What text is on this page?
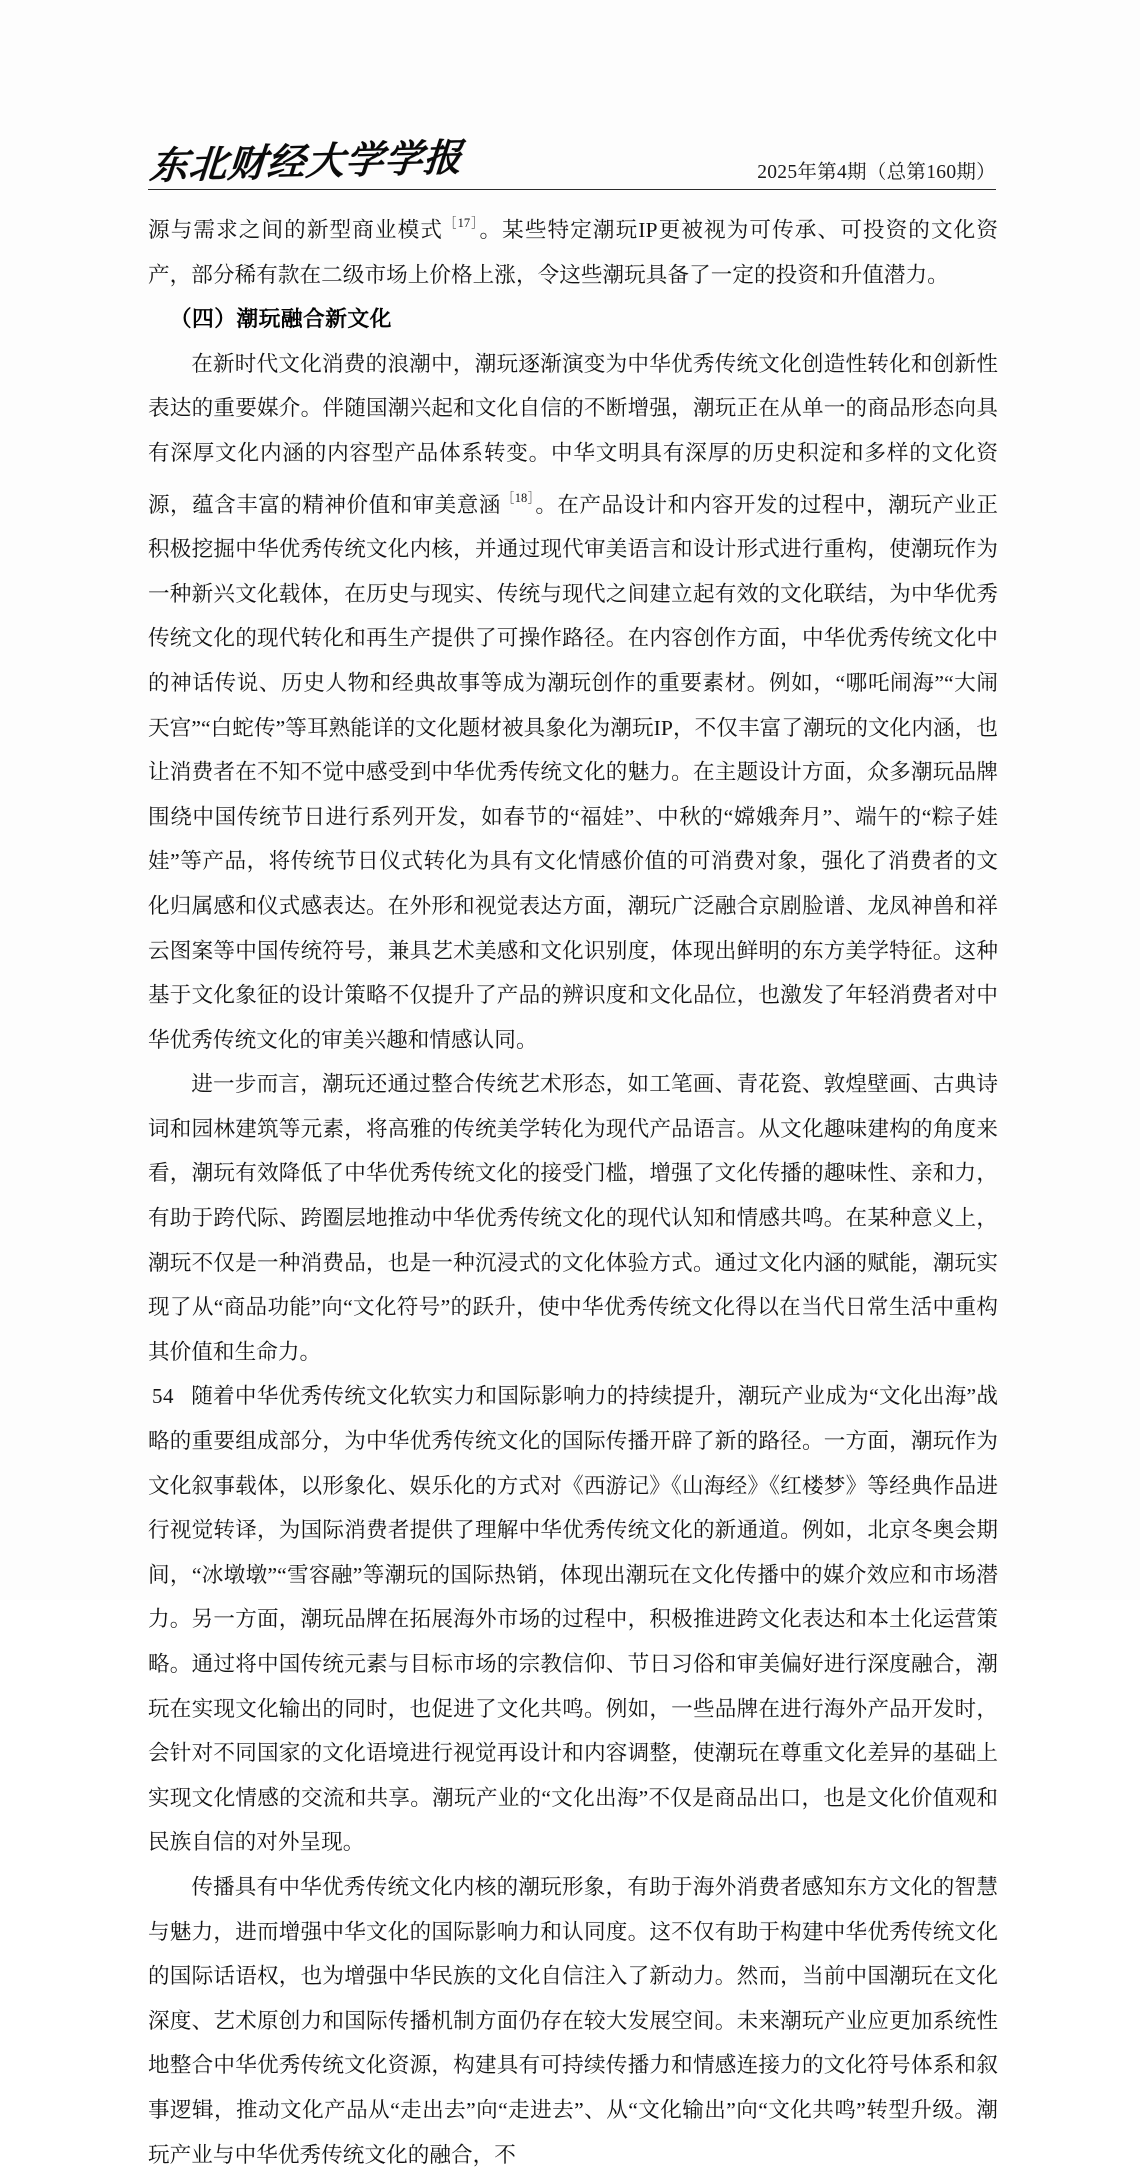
东北财经大学学报	2025年第4期（总第160期）

源与需求之间的新型商业模式$^{[17]}$。某些特定潮玩IP更被视为可传承、可投资的文化资产，部分稀有款在二级市场上价格上涨，令这些潮玩具备了一定的投资和升值潜力。

（四）潮玩融合新文化

在新时代文化消费的浪潮中，潮玩逐渐演变为中华优秀传统文化创造性转化和创新性表达的重要媒介。伴随国潮兴起和文化自信的不断增强，潮玩正在从单一的商品形态向具有深厚文化内涵的内容型产品体系转变。中华文明具有深厚的历史积淀和多样的文化资源，蕴含丰富的精神价值和审美意涵$^{[18]}$。在产品设计和内容开发的过程中，潮玩产业正积极挖掘中华优秀传统文化内核，并通过现代审美语言和设计形式进行重构，使潮玩作为一种新兴文化载体，在历史与现实、传统与现代之间建立起有效的文化联结，为中华优秀传统文化的现代转化和再生产提供了可操作路径。在内容创作方面，中华优秀传统文化中的神话传说、历史人物和经典故事等成为潮玩创作的重要素材。例如，“哪吒闹海”“大闹天宫”“白蛇传”等耳熟能详的文化题材被具象化为潮玩IP，不仅丰富了潮玩的文化内涵，也让消费者在不知不觉中感受到中华优秀传统文化的魅力。在主题设计方面，众多潮玩品牌围绕中国传统节日进行系列开发，如春节的“福娃”、中秋的“嫦娥奔月”、端午的“粽子娃娃”等产品，将传统节日仪式转化为具有文化情感价值的可消费对象，强化了消费者的文化归属感和仪式感表达。在外形和视觉表达方面，潮玩广泛融合京剧脸谱、龙凤神兽和祥云图案等中国传统符号，兼具艺术美感和文化识别度，体现出鲜明的东方美学特征。这种基于文化象征的设计策略不仅提升了产品的辨识度和文化品位，也激发了年轻消费者对中华优秀传统文化的审美兴趣和情感认同。

进一步而言，潮玩还通过整合传统艺术形态，如工笔画、青花瓷、敦煌壁画、古典诗词和园林建筑等元素，将高雅的传统美学转化为现代产品语言。从文化趣味建构的角度来看，潮玩有效降低了中华优秀传统文化的接受门槛，增强了文化传播的趣味性、亲和力，有助于跨代际、跨圈层地推动中华优秀传统文化的现代认知和情感共鸣。在某种意义上，潮玩不仅是一种消费品，也是一种沉浸式的文化体验方式。通过文化内涵的赋能，潮玩实现了从“商品功能”向“文化符号”的跃升，使中华优秀传统文化得以在当代日常生活中重构其价值和生命力。

随着中华优秀传统文化软实力和国际影响力的持续提升，潮玩产业成为“文化出海”战略的重要组成部分，为中华优秀传统文化的国际传播开辟了新的路径。一方面，潮玩作为文化叙事载体，以形象化、娱乐化的方式对《西游记》《山海经》《红楼梦》等经典作品进行视觉转译，为国际消费者提供了理解中华优秀传统文化的新通道。例如，北京冬奥会期间，“冰墩墩”“雪容融”等潮玩的国际热销，体现出潮玩在文化传播中的媒介效应和市场潜力。另一方面，潮玩品牌在拓展海外市场的过程中，积极推进跨文化表达和本土化运营策略。通过将中国传统元素与目标市场的宗教信仰、节日习俗和审美偏好进行深度融合，潮玩在实现文化输出的同时，也促进了文化共鸣。例如，一些品牌在进行海外产品开发时，会针对不同国家的文化语境进行视觉再设计和内容调整，使潮玩在尊重文化差异的基础上实现文化情感的交流和共享。潮玩产业的“文化出海”不仅是商品出口，也是文化价值观和民族自信的对外呈现。

传播具有中华优秀传统文化内核的潮玩形象，有助于海外消费者感知东方文化的智慧与魅力，进而增强中华文化的国际影响力和认同度。这不仅有助于构建中华优秀传统文化的国际话语权，也为增强中华民族的文化自信注入了新动力。然而，当前中国潮玩在文化深度、艺术原创力和国际传播机制方面仍存在较大发展空间。未来潮玩产业应更加系统性地整合中华优秀传统文化资源，构建具有可持续传播力和情感连接力的文化符号体系和叙事逻辑，推动文化产品从“走出去”向“走进去”、从“文化输出”向“文化共鸣”转型升级。潮玩产业与中华优秀传统文化的融合，不

54
